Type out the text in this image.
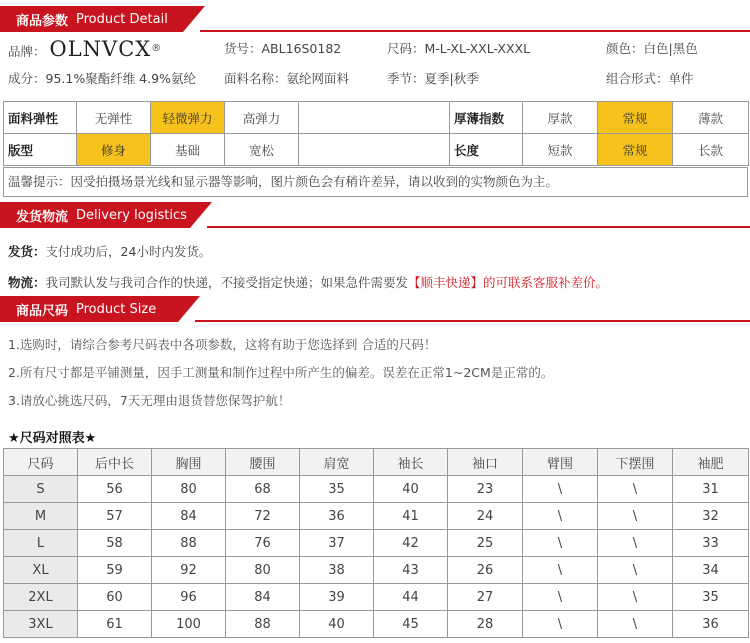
商品参数 Product Detail
品牌： OLNVCX®	货号：ABL16S0182	尺码：M-L-XL-XXL-XXXL	颜色：白色|黑色
成分：95.1%聚酯纤维 4.9%氨纶 面料名称：氨纶网面料	季节：夏季|秋季	组合形式：单件
面料弹性	无弹性	轻微弹力	高弹力		厚薄指数	厚款	常规	薄款
版型	修身	基础	宽松		长度	短款	常规	长款
温馨提示：因受拍摄场景光线和显示器等影响，图片颜色会有稍许差异，请以收到的实物颜色为主。
发货物流 Delivery logistics
发货：支付成功后，24小时内发货。
物流：我司默认发与我司合作的快递，不接受指定快递；如果急件需要发【顺丰快递】的可联系客服补差价。
商品尺码 Product Size
1.选购时，请综合参考尺码表中各项参数，这将有助于您选择到 合适的尺码！
2.所有尺寸都是平铺测量，因手工测量和制作过程中所产生的偏差。误差在正常1~2CM是正常的。
3.请放心挑选尺码，7天无理由退货替您保驾护航！
★尺码对照表★
尺码	后中长	胸围	腰围	肩宽	袖长	袖口	臂围	下摆围	袖肥
S	56	80	68	35	40	23	\	\	31
M	57	84	72	36	41	24	\	\	32
L	58	88	76	37	42	25	\	\	33
XL	59	92	80	38	43	26	\	\	34
2XL	60	96	84	39	44	27	\	\	35
3XL	61	100	88	40	45	28	\	\	36
